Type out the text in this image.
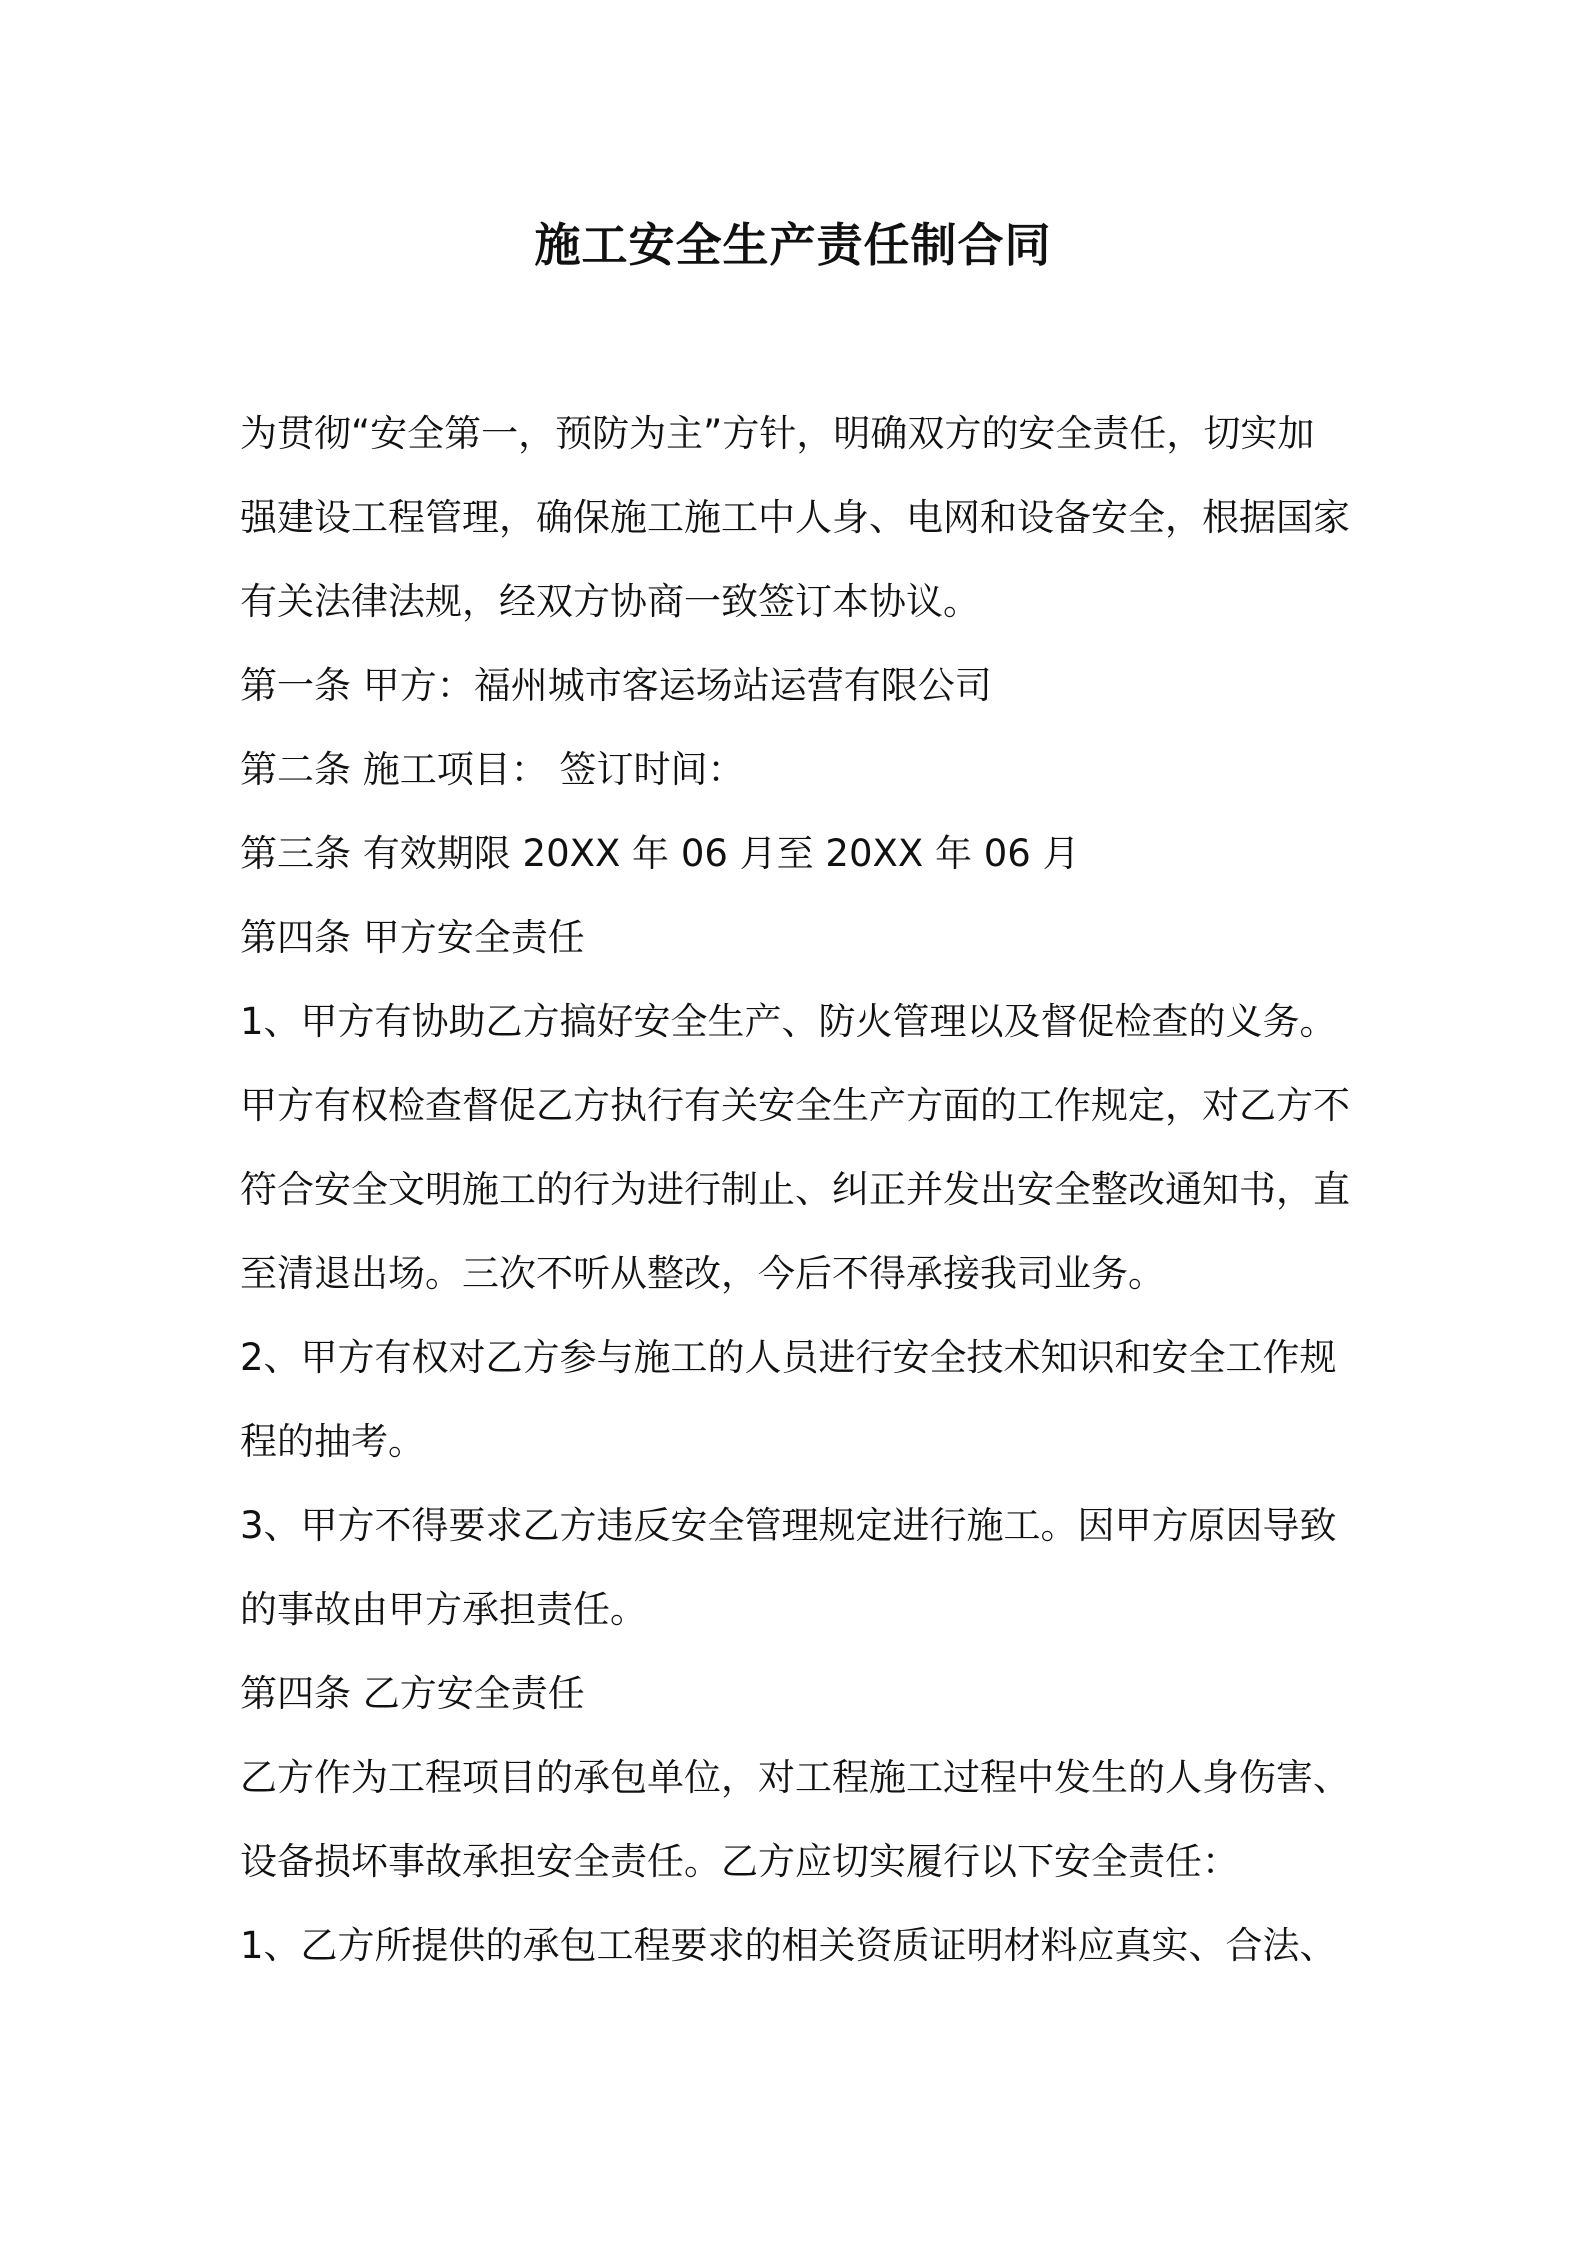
施工安全生产责任制合同
为贯彻“安全第一，预防为主”方针，明确双方的安全责任，切实加
强建设工程管理，确保施工施工中人身、电网和设备安全，根据国家
有关法律法规，经双方协商一致签订本协议。
第一条 甲方：福州城市客运场站运营有限公司
第二条 施工项目： 签订时间：
第三条 有效期限 20XX 年 06 月至 20XX 年 06 月
第四条 甲方安全责任
1、甲方有协助乙方搞好安全生产、防火管理以及督促检查的义务。
甲方有权检查督促乙方执行有关安全生产方面的工作规定，对乙方不
符合安全文明施工的行为进行制止、纠正并发出安全整改通知书，直
至清退出场。三次不听从整改，今后不得承接我司业务。
2、甲方有权对乙方参与施工的人员进行安全技术知识和安全工作规
程的抽考。
3、甲方不得要求乙方违反安全管理规定进行施工。因甲方原因导致
的事故由甲方承担责任。
第四条 乙方安全责任
乙方作为工程项目的承包单位，对工程施工过程中发生的人身伤害、
设备损坏事故承担安全责任。乙方应切实履行以下安全责任：
1、乙方所提供的承包工程要求的相关资质证明材料应真实、合法、
